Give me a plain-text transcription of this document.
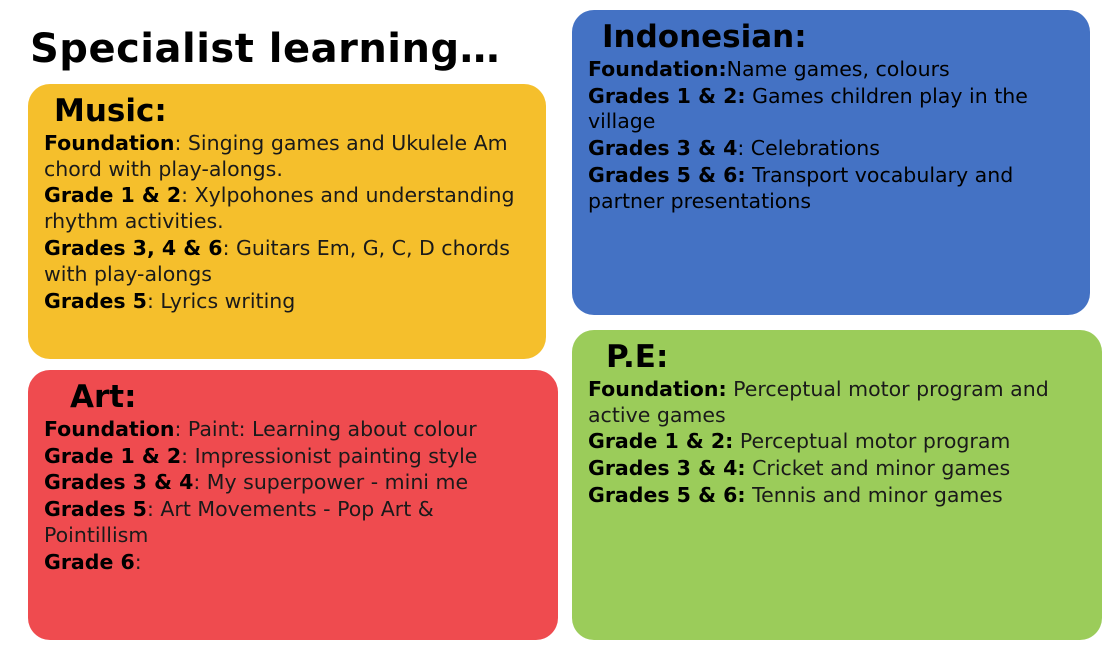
Specialist learning…
Music:
Foundation: Singing games and Ukulele Am chord with play-alongs.
Grade 1 & 2: Xylpohones and understanding rhythm activities.
Grades 3, 4 & 6: Guitars Em, G, C, D chords with play-alongs
Grades 5: Lyrics writing
Art:
Foundation: Paint: Learning about colour
Grade 1 & 2: Impressionist painting style
Grades 3 & 4: My superpower - mini me
Grades 5: Art Movements - Pop Art & Pointillism
Grade 6:
Indonesian:
Foundation:Name games, colours
Grades 1 & 2: Games children play in the village
Grades 3 & 4: Celebrations
Grades 5 & 6: Transport vocabulary and partner presentations
P.E:
Foundation: Perceptual motor program and active games
Grade 1 & 2: Perceptual motor program
Grades 3 & 4: Cricket and minor games
Grades 5 & 6: Tennis and minor games
